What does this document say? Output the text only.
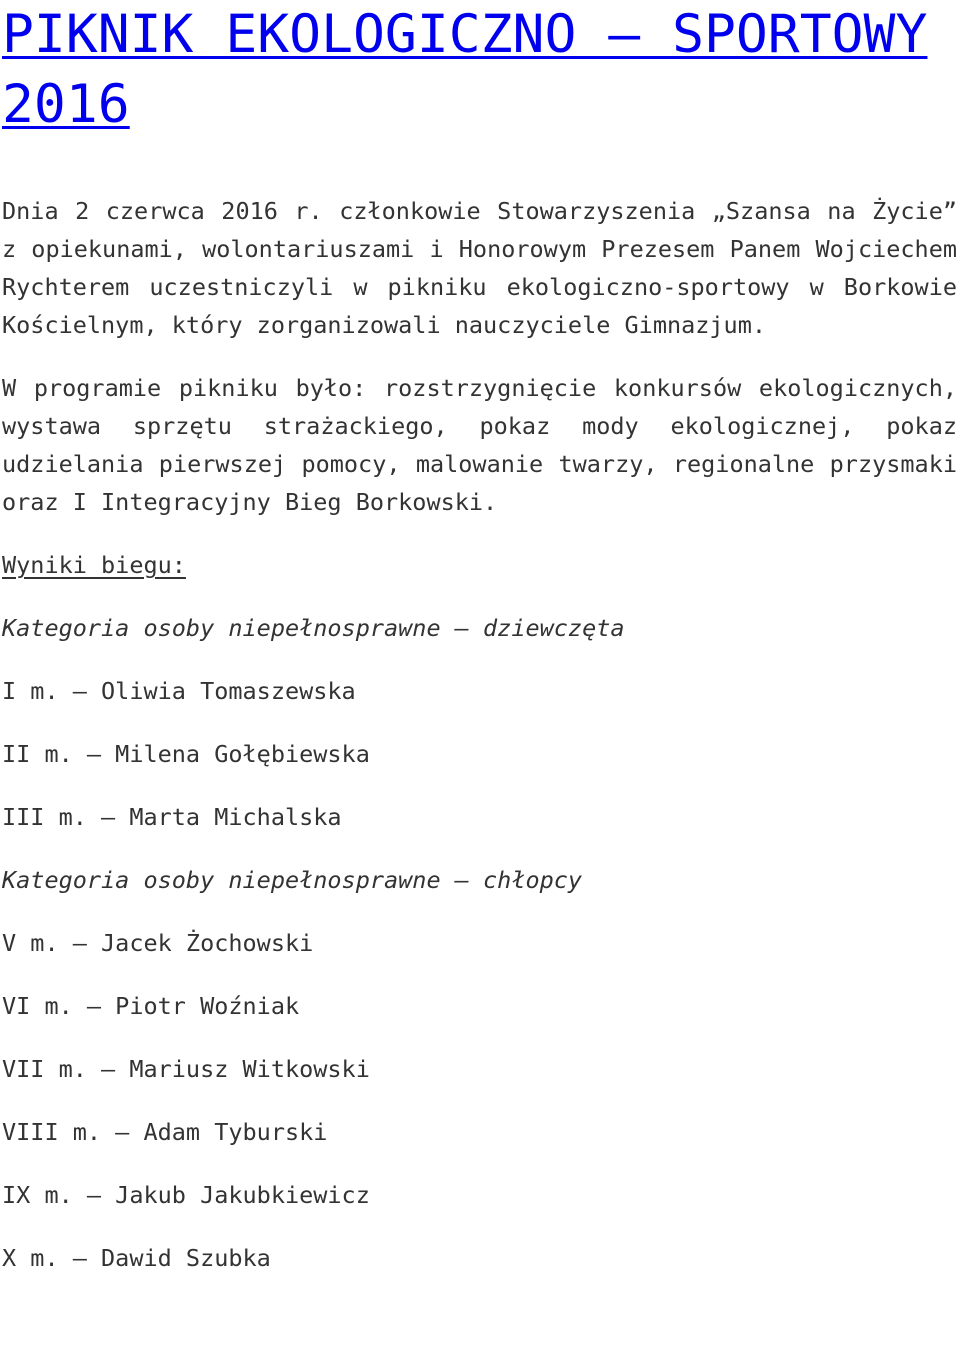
PIKNIK EKOLOGICZNO – SPORTOWY 2016

Dnia 2 czerwca 2016 r. członkowie Stowarzyszenia „Szansa na Życie” z opiekunami, wolontariuszami i Honorowym Prezesem Panem Wojciechem Rychterem uczestniczyli w pikniku ekologiczno-sportowy w Borkowie Kościelnym, który zorganizowali nauczyciele Gimnazjum.

W programie pikniku było: rozstrzygnięcie konkursów ekologicznych, wystawa sprzętu strażackiego, pokaz mody ekologicznej, pokaz udzielania pierwszej pomocy, malowanie twarzy, regionalne przysmaki oraz I Integracyjny Bieg Borkowski.

Wyniki biegu:

Kategoria osoby niepełnosprawne – dziewczęta

I m. – Oliwia Tomaszewska

II m. – Milena Gołębiewska

III m. – Marta Michalska

Kategoria osoby niepełnosprawne – chłopcy

V m. – Jacek Żochowski

VI m. – Piotr Woźniak

VII m. – Mariusz Witkowski

VIII m. – Adam Tyburski

IX m. – Jakub Jakubkiewicz

X m. – Dawid Szubka
